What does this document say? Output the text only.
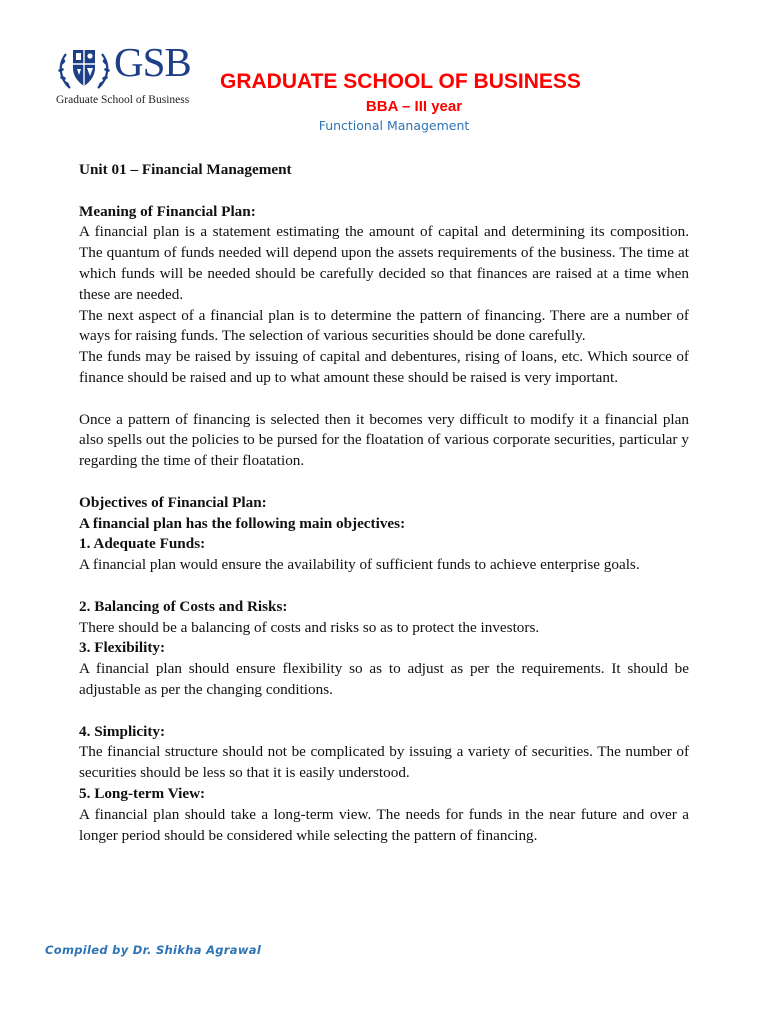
GSB
Graduate School of Business
GRADUATE SCHOOL OF BUSINESS
BBA – III year
Functional Management

Unit 01 – Financial Management

Meaning of Financial Plan:

A financial plan is a statement estimating the amount of capital and determining its composition. The quantum of funds needed will depend upon the assets requirements of the business. The time at which funds will be needed should be carefully decided so that finances are raised at a time when these are needed.

The next aspect of a financial plan is to determine the pattern of financing. There are a number of ways for raising funds. The selection of various securities should be done carefully.

The funds may be raised by issuing of capital and debentures, rising of loans, etc. Which source of finance should be raised and up to what amount these should be raised is very important.

Once a pattern of financing is selected then it becomes very difficult to modify it a financial plan also spells out the policies to be pursed for the floatation of various corporate securities, particular y regarding the time of their floatation.

Objectives of Financial Plan:

A financial plan has the following main objectives:

1. Adequate Funds:

A financial plan would ensure the availability of sufficient funds to achieve enterprise goals.

2. Balancing of Costs and Risks:

There should be a balancing of costs and risks so as to protect the investors.

3. Flexibility:

A financial plan should ensure flexibility so as to adjust as per the requirements. It should be adjustable as per the changing conditions.

4. Simplicity:

The financial structure should not be complicated by issuing a variety of securities. The number of securities should be less so that it is easily understood.

5. Long-term View:

A financial plan should take a long-term view. The needs for funds in the near future and over a longer period should be considered while selecting the pattern of financing.

Compiled by Dr. Shikha Agrawal
